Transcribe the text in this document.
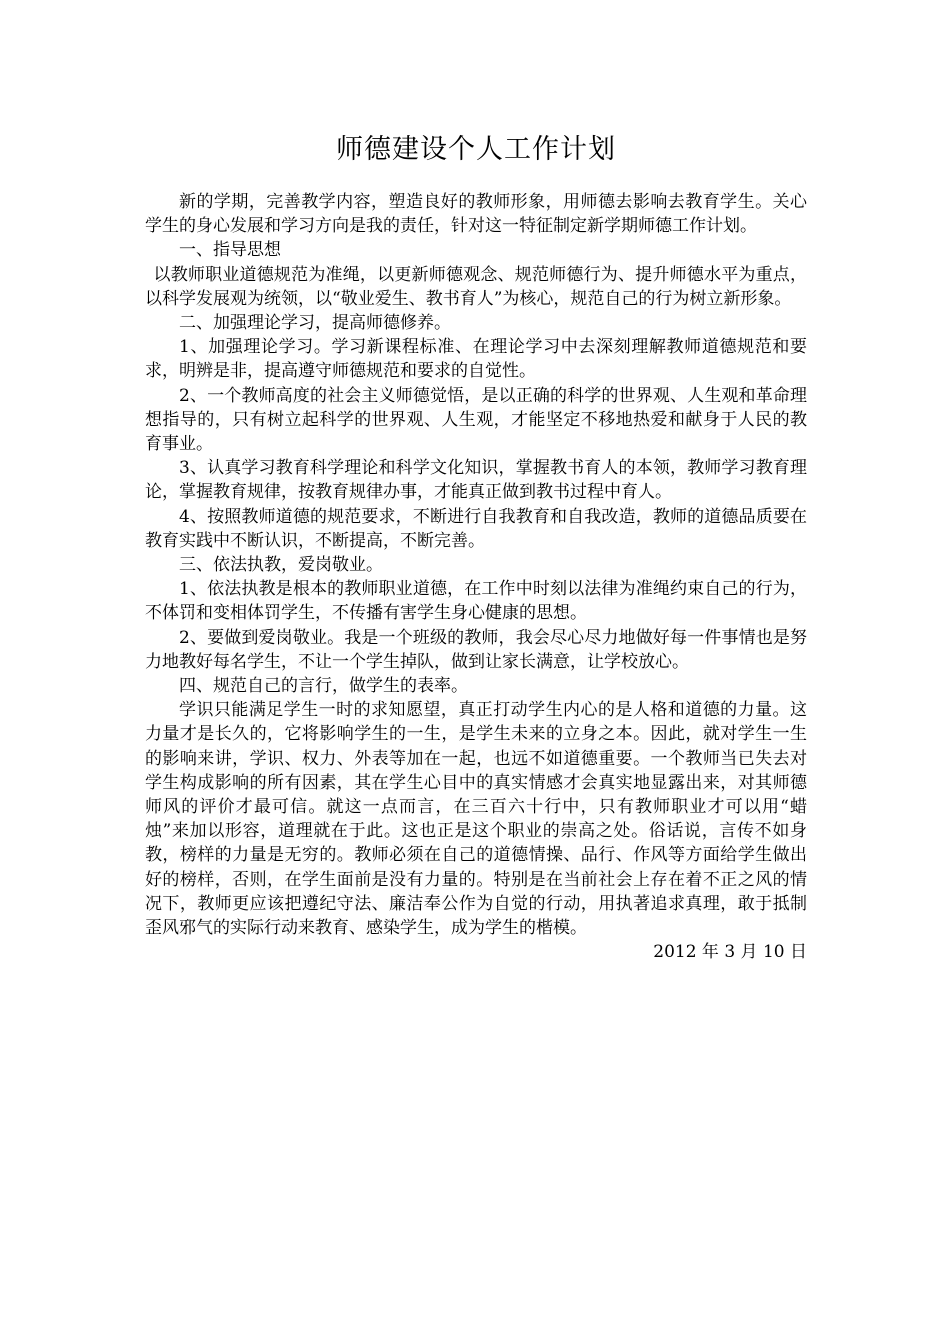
师德建设个人工作计划

新的学期，完善教学内容，塑造良好的教师形象，用师德去影响去教育学生。关心学生的身心发展和学习方向是我的责任，针对这一特征制定新学期师德工作计划。

一、指导思想

以教师职业道德规范为准绳，以更新师德观念、规范师德行为、提升师德水平为重点，以科学发展观为统领，以“敬业爱生、教书育人”为核心，规范自己的行为树立新形象。

二、加强理论学习，提高师德修养。

1、加强理论学习。学习新课程标准、在理论学习中去深刻理解教师道德规范和要求，明辨是非，提高遵守师德规范和要求的自觉性。

2、一个教师高度的社会主义师德觉悟，是以正确的科学的世界观、人生观和革命理想指导的，只有树立起科学的世界观、人生观，才能坚定不移地热爱和献身于人民的教育事业。

3、认真学习教育科学理论和科学文化知识，掌握教书育人的本领，教师学习教育理论，掌握教育规律，按教育规律办事，才能真正做到教书过程中育人。

4、按照教师道德的规范要求，不断进行自我教育和自我改造，教师的道德品质要在教育实践中不断认识，不断提高，不断完善。

三、依法执教，爱岗敬业。

1、依法执教是根本的教师职业道德，在工作中时刻以法律为准绳约束自己的行为，不体罚和变相体罚学生，不传播有害学生身心健康的思想。

2、要做到爱岗敬业。我是一个班级的教师，我会尽心尽力地做好每一件事情也是努力地教好每名学生，不让一个学生掉队，做到让家长满意，让学校放心。

四、规范自己的言行，做学生的表率。

学识只能满足学生一时的求知愿望，真正打动学生内心的是人格和道德的力量。这力量才是长久的，它将影响学生的一生，是学生未来的立身之本。因此，就对学生一生的影响来讲，学识、权力、外表等加在一起，也远不如道德重要。一个教师当已失去对学生构成影响的所有因素，其在学生心目中的真实情感才会真实地显露出来，对其师德师风的评价才最可信。就这一点而言，在三百六十行中，只有教师职业才可以用“蜡烛”来加以形容，道理就在于此。这也正是这个职业的崇高之处。俗话说，言传不如身教，榜样的力量是无穷的。教师必须在自己的道德情操、品行、作风等方面给学生做出好的榜样，否则，在学生面前是没有力量的。特别是在当前社会上存在着不正之风的情况下，教师更应该把遵纪守法、廉洁奉公作为自觉的行动，用执著追求真理，敢于抵制歪风邪气的实际行动来教育、感染学生，成为学生的楷模。

2012 年 3 月 10 日
